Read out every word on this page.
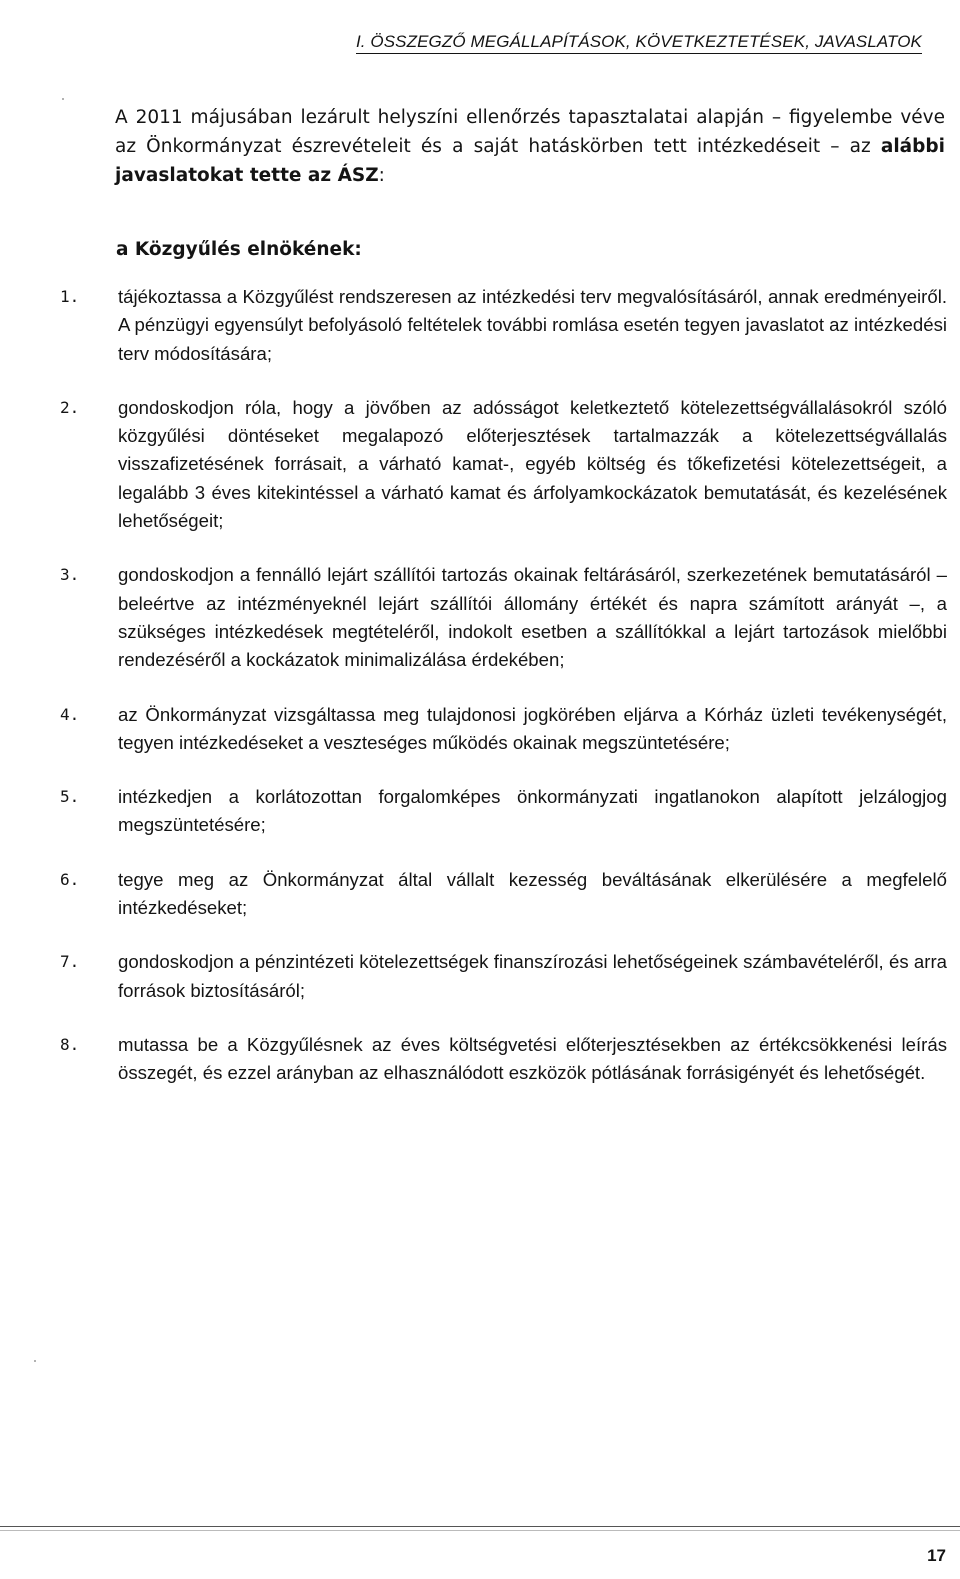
I. ÖSSZEGZŐ MEGÁLLAPÍTÁSOK, KÖVETKEZTETÉSEK, JAVASLATOK

A 2011 májusában lezárult helyszíni ellenőrzés tapasztalatai alapján – figyelembe véve az Önkormányzat észrevételeit és a saját hatáskörben tett intézkedéseit – az alábbi javaslatokat tette az ÁSZ:

a Közgyűlés elnökének:
1. tájékoztassa a Közgyűlést rendszeresen az intézkedési terv megvalósításáról, annak eredményeiről. A pénzügyi egyensúlyt befolyásoló feltételek további romlása esetén tegyen javaslatot az intézkedési terv módosítására;
2. gondoskodjon róla, hogy a jövőben az adósságot keletkeztető kötelezettségvállalásokról szóló közgyűlési döntéseket megalapozó előterjesztések tartalmazzák a kötelezettségvállalás visszafizetésének forrásait, a várható kamat-, egyéb költség és tőkefizetési kötelezettségeit, a legalább 3 éves kitekintéssel a várható kamat és árfolyamkockázatok bemutatását, és kezelésének lehetőségeit;
3. gondoskodjon a fennálló lejárt szállítói tartozás okainak feltárásáról, szerkezetének bemutatásáról – beleértve az intézményeknél lejárt szállítói állomány értékét és napra számított arányát –, a szükséges intézkedések megtételéről, indokolt esetben a szállítókkal a lejárt tartozások mielőbbi rendezéséről a kockázatok minimalizálása érdekében;
4. az Önkormányzat vizsgáltassa meg tulajdonosi jogkörében eljárva a Kórház üzleti tevékenységét, tegyen intézkedéseket a veszteséges működés okainak megszüntetésére;
5. intézkedjen a korlátozottan forgalomképes önkormányzati ingatlanokon alapított jelzálogjog megszüntetésére;
6. tegye meg az Önkormányzat által vállalt kezesség beváltásának elkerülésére a megfelelő intézkedéseket;
7. gondoskodjon a pénzintézeti kötelezettségek finanszírozási lehetőségeinek számbavételéről, és arra források biztosításáról;
8. mutassa be a Közgyűlésnek az éves költségvetési előterjesztésekben az értékcsökkenési leírás összegét, és ezzel arányban az elhasználódott eszközök pótlásának forrásigényét és lehetőségét.
17
